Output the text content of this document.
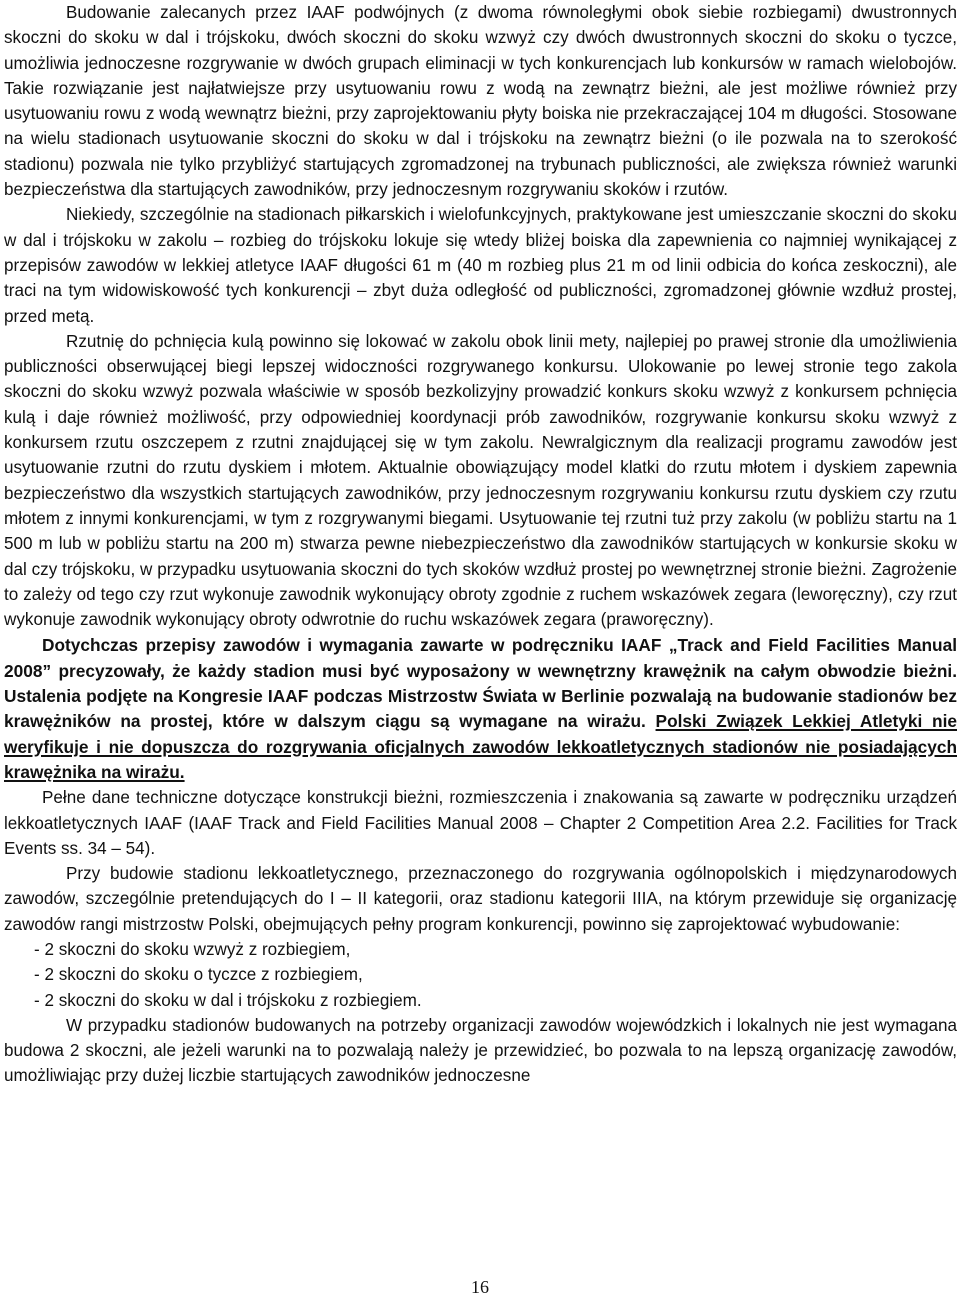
Budowanie zalecanych przez IAAF podwójnych (z dwoma równoległymi obok siebie rozbiegami) dwustronnych skoczni do skoku w dal i trójskoku, dwóch skoczni do skoku wzwyż czy dwóch dwustronnych skoczni do skoku o tyczce, umożliwia jednoczesne rozgrywanie w dwóch grupach eliminacji w tych konkurencjach lub konkursów w ramach wielobojów. Takie rozwiązanie jest najłatwiejsze przy usytuowaniu rowu z wodą na zewnątrz bieżni, ale jest możliwe również przy usytuowaniu rowu z wodą wewnątrz bieżni, przy zaprojektowaniu płyty boiska nie przekraczającej 104 m długości. Stosowane na wielu stadionach usytuowanie skoczni do skoku w dal i trójskoku na zewnątrz bieżni (o ile pozwala na to szerokość stadionu) pozwala nie tylko przybliżyć startujących zgromadzonej na trybunach publiczności, ale zwiększa również warunki bezpieczeństwa dla startujących zawodników, przy jednoczesnym rozgrywaniu skoków i rzutów.

Niekiedy, szczególnie na stadionach piłkarskich i wielofunkcyjnych, praktykowane jest umieszczanie skoczni do skoku w dal i trójskoku w zakolu – rozbieg do trójskoku lokuje się wtedy bliżej boiska dla zapewnienia co najmniej wynikającej z przepisów zawodów w lekkiej atletyce IAAF długości 61 m (40 m rozbieg plus 21 m od linii odbicia do końca zeskoczni), ale traci na tym widowiskowość tych konkurencji – zbyt duża odległość od publiczności, zgromadzonej głównie wzdłuż prostej, przed metą.

Rzutnię do pchnięcia kulą powinno się lokować w zakolu obok linii mety, najlepiej po prawej stronie dla umożliwienia publiczności obserwującej biegi lepszej widoczności rozgrywanego konkursu. Ulokowanie po lewej stronie tego zakola skoczni do skoku wzwyż pozwala właściwie w sposób bezkolizyjny prowadzić konkurs skoku wzwyż z konkursem pchnięcia kulą i daje również możliwość, przy odpowiedniej koordynacji prób zawodników, rozgrywanie konkursu skoku wzwyż z konkursem rzutu oszczepem z rzutni znajdującej się w tym zakolu. Newralgicznym dla realizacji programu zawodów jest usytuowanie rzutni do rzutu dyskiem i młotem. Aktualnie obowiązujący model klatki do rzutu młotem i dyskiem zapewnia bezpieczeństwo dla wszystkich startujących zawodników, przy jednoczesnym rozgrywaniu konkursu rzutu dyskiem czy rzutu młotem z innymi konkurencjami, w tym z rozgrywanymi biegami. Usytuowanie tej rzutni tuż przy zakolu (w pobliżu startu na 1 500 m lub w pobliżu startu na 200 m) stwarza pewne niebezpieczeństwo dla zawodników startujących w konkursie skoku w dal czy trójskoku, w przypadku usytuowania skoczni do tych skoków wzdłuż prostej po wewnętrznej stronie bieżni. Zagrożenie to zależy od tego czy rzut wykonuje zawodnik wykonujący obroty zgodnie z ruchem wskazówek zegara (leworęczny), czy rzut wykonuje zawodnik wykonujący obroty odwrotnie do ruchu wskazówek zegara (praworęczny).

Dotychczas przepisy zawodów i wymagania zawarte w podręczniku IAAF „Track and Field Facilities Manual 2008” precyzowały, że każdy stadion musi być wyposażony w wewnętrzny krawężnik na całym obwodzie bieżni. Ustalenia podjęte na Kongresie IAAF podczas Mistrzostw Świata w Berlinie pozwalają na budowanie stadionów bez krawężników na prostej, które w dalszym ciągu są wymagane na wirażu. Polski Związek Lekkiej Atletyki nie weryfikuje i nie dopuszcza do rozgrywania oficjalnych zawodów lekkoatletycznych stadionów nie posiadających krawężnika na wirażu.

Pełne dane techniczne dotyczące konstrukcji bieżni, rozmieszczenia i znakowania są zawarte w podręczniku urządzeń lekkoatletycznych IAAF (IAAF Track and Field Facilities Manual 2008 – Chapter 2 Competition Area 2.2. Facilities for Track Events ss. 34 – 54).

Przy budowie stadionu lekkoatletycznego, przeznaczonego do rozgrywania ogólnopolskich i międzynarodowych zawodów, szczególnie pretendujących do I – II kategorii, oraz stadionu kategorii IIIA, na którym przewiduje się organizację zawodów rangi mistrzostw Polski, obejmujących pełny program konkurencji, powinno się zaprojektować wybudowanie:

- 2 skoczni do skoku wzwyż z rozbiegiem,
- 2 skoczni do skoku o tyczce z rozbiegiem,
- 2 skoczni do skoku w dal i trójskoku z rozbiegiem.

W przypadku stadionów budowanych na potrzeby organizacji zawodów wojewódzkich i lokalnych nie jest wymagana budowa 2 skoczni, ale jeżeli warunki na to pozwalają należy je przewidzieć, bo pozwala to na lepszą organizację zawodów, umożliwiając przy dużej liczbie startujących zawodników jednoczesne

16
